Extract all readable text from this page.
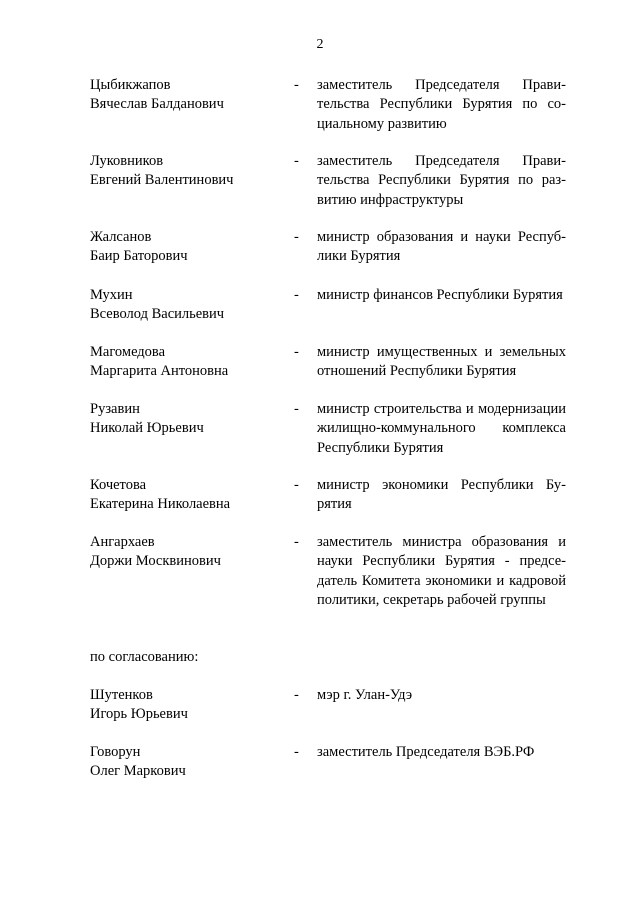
2
Цыбикжапов
Вячеслав Балданович
- заместитель Председателя Правительства Республики Бурятия по социальному развитию
Луковников
Евгений Валентинович
- заместитель Председателя Правительства Республики Бурятия по развитию инфраструктуры
Жалсанов
Баир Баторович
- министр образования и науки Республики Бурятия
Мухин
Всеволод Васильевич
- министр финансов Республики Бурятия
Магомедова
Маргарита Антоновна
- министр имущественных и земельных отношений Республики Бурятия
Рузавин
Николай Юрьевич
- министр строительства и модернизации жилищно-коммунального комплекса Республики Бурятия
Кочетова
Екатерина Николаевна
- министр экономики Республики Бурятия
Ангархаев
Доржи Москвинович
- заместитель министра образования и науки Республики Бурятия - председатель Комитета экономики и кадровой политики, секретарь рабочей группы
по согласованию:
Шутенков
Игорь Юрьевич
- мэр г. Улан-Удэ
Говорун
Олег Маркович
- заместитель Председателя ВЭБ.РФ
